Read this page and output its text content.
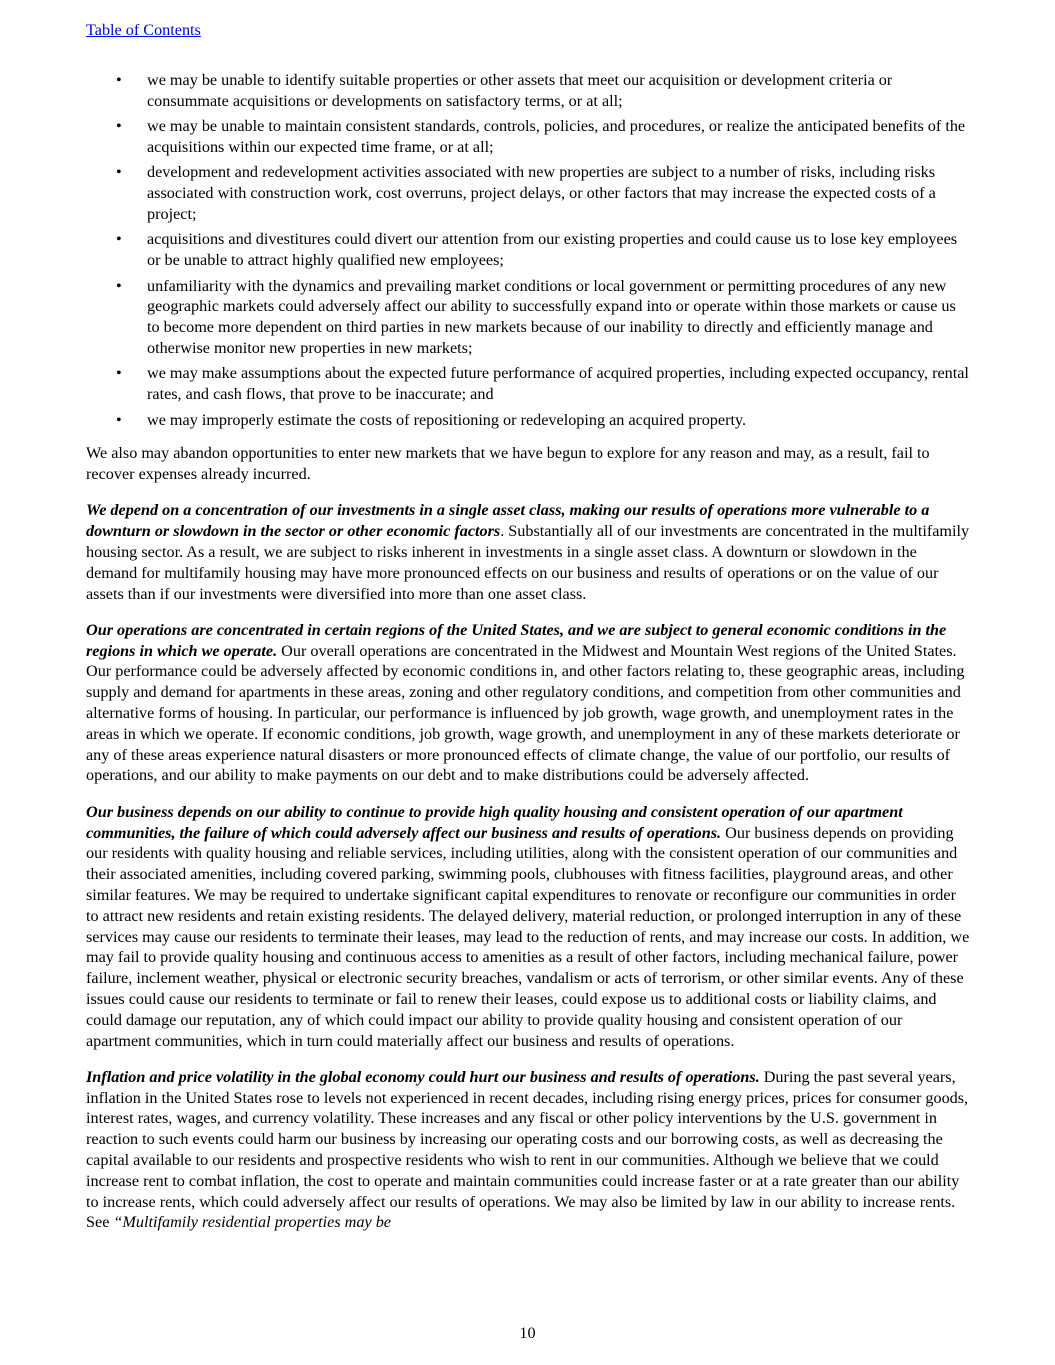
Table of Contents
• we may be unable to identify suitable properties or other assets that meet our acquisition or development criteria or consummate acquisitions or developments on satisfactory terms, or at all;
• we may be unable to maintain consistent standards, controls, policies, and procedures, or realize the anticipated benefits of the acquisitions within our expected time frame, or at all;
• development and redevelopment activities associated with new properties are subject to a number of risks, including risks associated with construction work, cost overruns, project delays, or other factors that may increase the expected costs of a project;
• acquisitions and divestitures could divert our attention from our existing properties and could cause us to lose key employees or be unable to attract highly qualified new employees;
• unfamiliarity with the dynamics and prevailing market conditions or local government or permitting procedures of any new geographic markets could adversely affect our ability to successfully expand into or operate within those markets or cause us to become more dependent on third parties in new markets because of our inability to directly and efficiently manage and otherwise monitor new properties in new markets;
• we may make assumptions about the expected future performance of acquired properties, including expected occupancy, rental rates, and cash flows, that prove to be inaccurate; and
• we may improperly estimate the costs of repositioning or redeveloping an acquired property.

We also may abandon opportunities to enter new markets that we have begun to explore for any reason and may, as a result, fail to recover expenses already incurred.

We depend on a concentration of our investments in a single asset class, making our results of operations more vulnerable to a downturn or slowdown in the sector or other economic factors. Substantially all of our investments are concentrated in the multifamily housing sector. As a result, we are subject to risks inherent in investments in a single asset class. A downturn or slowdown in the demand for multifamily housing may have more pronounced effects on our business and results of operations or on the value of our assets than if our investments were diversified into more than one asset class.

Our operations are concentrated in certain regions of the United States, and we are subject to general economic conditions in the regions in which we operate. Our overall operations are concentrated in the Midwest and Mountain West regions of the United States. Our performance could be adversely affected by economic conditions in, and other factors relating to, these geographic areas, including supply and demand for apartments in these areas, zoning and other regulatory conditions, and competition from other communities and alternative forms of housing. In particular, our performance is influenced by job growth, wage growth, and unemployment rates in the areas in which we operate. If economic conditions, job growth, wage growth, and unemployment in any of these markets deteriorate or any of these areas experience natural disasters or more pronounced effects of climate change, the value of our portfolio, our results of operations, and our ability to make payments on our debt and to make distributions could be adversely affected.

Our business depends on our ability to continue to provide high quality housing and consistent operation of our apartment communities, the failure of which could adversely affect our business and results of operations. Our business depends on providing our residents with quality housing and reliable services, including utilities, along with the consistent operation of our communities and their associated amenities, including covered parking, swimming pools, clubhouses with fitness facilities, playground areas, and other similar features. We may be required to undertake significant capital expenditures to renovate or reconfigure our communities in order to attract new residents and retain existing residents. The delayed delivery, material reduction, or prolonged interruption in any of these services may cause our residents to terminate their leases, may lead to the reduction of rents, and may increase our costs. In addition, we may fail to provide quality housing and continuous access to amenities as a result of other factors, including mechanical failure, power failure, inclement weather, physical or electronic security breaches, vandalism or acts of terrorism, or other similar events. Any of these issues could cause our residents to terminate or fail to renew their leases, could expose us to additional costs or liability claims, and could damage our reputation, any of which could impact our ability to provide quality housing and consistent operation of our apartment communities, which in turn could materially affect our business and results of operations.

Inflation and price volatility in the global economy could hurt our business and results of operations. During the past several years, inflation in the United States rose to levels not experienced in recent decades, including rising energy prices, prices for consumer goods, interest rates, wages, and currency volatility. These increases and any fiscal or other policy interventions by the U.S. government in reaction to such events could harm our business by increasing our operating costs and our borrowing costs, as well as decreasing the capital available to our residents and prospective residents who wish to rent in our communities. Although we believe that we could increase rent to combat inflation, the cost to operate and maintain communities could increase faster or at a rate greater than our ability to increase rents, which could adversely affect our results of operations. We may also be limited by law in our ability to increase rents. See “Multifamily residential properties may be

10
